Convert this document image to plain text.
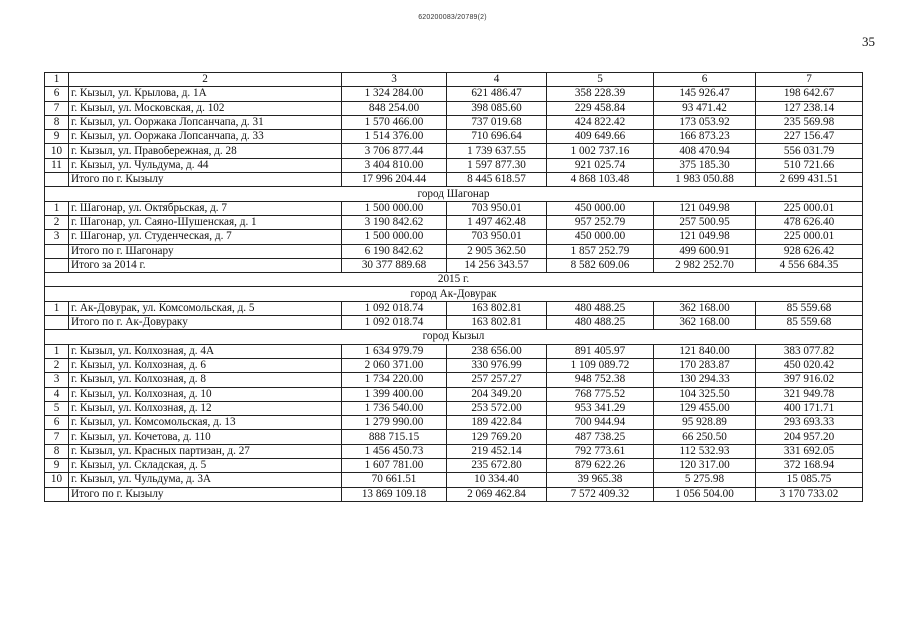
620200083/20789(2)
35
1	2	3	4	5	6	7
6	г. Кызыл, ул. Крылова, д. 1А	1 324 284.00	621 486.47	358 228.39	145 926.47	198 642.67
7	г. Кызыл, ул. Московская, д. 102	848 254.00	398 085.60	229 458.84	93 471.42	127 238.14
8	г. Кызыл, ул. Ооржака Лопсанчапа, д. 31	1 570 466.00	737 019.68	424 822.42	173 053.92	235 569.98
9	г. Кызыл, ул. Ооржака Лопсанчапа, д. 33	1 514 376.00	710 696.64	409 649.66	166 873.23	227 156.47
10	г. Кызыл, ул. Правобережная, д. 28	3 706 877.44	1 739 637.55	1 002 737.16	408 470.94	556 031.79
11	г. Кызыл, ул. Чульдума, д. 44	3 404 810.00	1 597 877.30	921 025.74	375 185.30	510 721.66
	Итого по г. Кызылу	17 996 204.44	8 445 618.57	4 868 103.48	1 983 050.88	2 699 431.51
город Шагонар						
1	г. Шагонар, ул. Октябрьская, д. 7	1 500 000.00	703 950.01	450 000.00	121 049.98	225 000.01
2	г. Шагонар, ул. Саяно-Шушенская, д. 1	3 190 842.62	1 497 462.48	957 252.79	257 500.95	478 626.40
3	г. Шагонар, ул. Студенческая, д. 7	1 500 000.00	703 950.01	450 000.00	121 049.98	225 000.01
	Итого по г. Шагонару	6 190 842.62	2 905 362.50	1 857 252.79	499 600.91	928 626.42
	Итого за 2014 г.	30 377 889.68	14 256 343.57	8 582 609.06	2 982 252.70	4 556 684.35
2015 г.						
город Ак-Довурак						
1	г. Ак-Довурак, ул. Комсомольская, д. 5	1 092 018.74	163 802.81	480 488.25	362 168.00	85 559.68
	Итого по г. Ак-Довураку	1 092 018.74	163 802.81	480 488.25	362 168.00	85 559.68
город Кызыл						
1	г. Кызыл, ул. Колхозная, д. 4А	1 634 979.79	238 656.00	891 405.97	121 840.00	383 077.82
2	г. Кызыл, ул. Колхозная, д. 6	2 060 371.00	330 976.99	1 109 089.72	170 283.87	450 020.42
3	г. Кызыл, ул. Колхозная, д. 8	1 734 220.00	257 257.27	948 752.38	130 294.33	397 916.02
4	г. Кызыл, ул. Колхозная, д. 10	1 399 400.00	204 349.20	768 775.52	104 325.50	321 949.78
5	г. Кызыл, ул. Колхозная, д. 12	1 736 540.00	253 572.00	953 341.29	129 455.00	400 171.71
6	г. Кызыл, ул. Комсомольская, д. 13	1 279 990.00	189 422.84	700 944.94	95 928.89	293 693.33
7	г. Кызыл, ул. Кочетова, д. 110	888 715.15	129 769.20	487 738.25	66 250.50	204 957.20
8	г. Кызыл, ул. Красных партизан, д. 27	1 456 450.73	219 452.14	792 773.61	112 532.93	331 692.05
9	г. Кызыл, ул. Складская, д. 5	1 607 781.00	235 672.80	879 622.26	120 317.00	372 168.94
10	г. Кызыл, ул. Чульдума, д. 3А	70 661.51	10 334.40	39 965.38	5 275.98	15 085.75
	Итого по г. Кызылу	13 869 109.18	2 069 462.84	7 572 409.32	1 056 504.00	3 170 733.02
